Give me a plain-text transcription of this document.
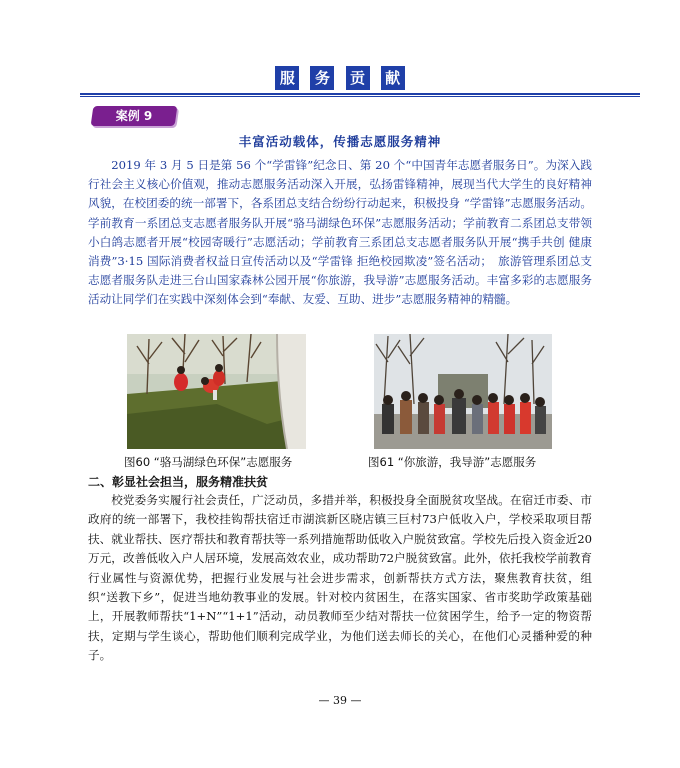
服 务 贡 献
案例 9
丰富活动载体，传播志愿服务精神

2019 年 3 月 5 日是第 56 个“学雷锋”纪念日、第 20 个“中国青年志愿者服务日”。为深入践行社会主义核心价值观，推动志愿服务活动深入开展，弘扬雷锋精神，展现当代大学生的良好精神风貌，在校团委的统一部署下，各系团总支结合纷纷行动起来，积极投身 “学雷锋”志愿服务活动。学前教育一系团总支志愿者服务队开展“骆马湖绿色环保”志愿服务活动；学前教育二系团总支带领小白鸽志愿者开展“校园寄暖行”志愿活动；学前教育三系团总支志愿者服务队开展“携手共创 健康消费”3·15 国际消费者权益日宣传活动以及“学雷锋 拒绝校园欺凌”签名活动；　旅游管理系团总支志愿者服务队走进三台山国家森林公园开展“你旅游，我导游”志愿服务活动。丰富多彩的志愿服务活动让同学们在实践中深刻体会到“奉献、友爱、互助、进步”志愿服务精神的精髓。

图60 “骆马湖绿色环保”志愿服务	图61 “你旅游，我导游”志愿服务
二、彰显社会担当，服务精准扶贫

校党委务实履行社会责任，广泛动员，多措并举，积极投身全面脱贫攻坚战。在宿迁市委、市政府的统一部署下，我校挂钩帮扶宿迁市湖滨新区晓店镇三巨村73户低收入户，学校采取项目帮扶、就业帮扶、医疗帮扶和教育帮扶等一系列措施帮助低收入户脱贫致富。学校先后投入资金近20万元，改善低收入户人居环境，发展高效农业，成功帮助72户脱贫致富。此外，依托我校学前教育行业属性与资源优势，把握行业发展与社会进步需求，创新帮扶方式方法，聚焦教育扶贫，组织“送教下乡”，促进当地幼教事业的发展。针对校内贫困生，在落实国家、省市奖助学政策基础上，开展教师帮扶“1+N”“1+1”活动，动员教师至少结对帮扶一位贫困学生，给予一定的物资帮扶，定期与学生谈心，帮助他们顺利完成学业，为他们送去师长的关心，在他们心灵播种爱的种子。

— 39 —
